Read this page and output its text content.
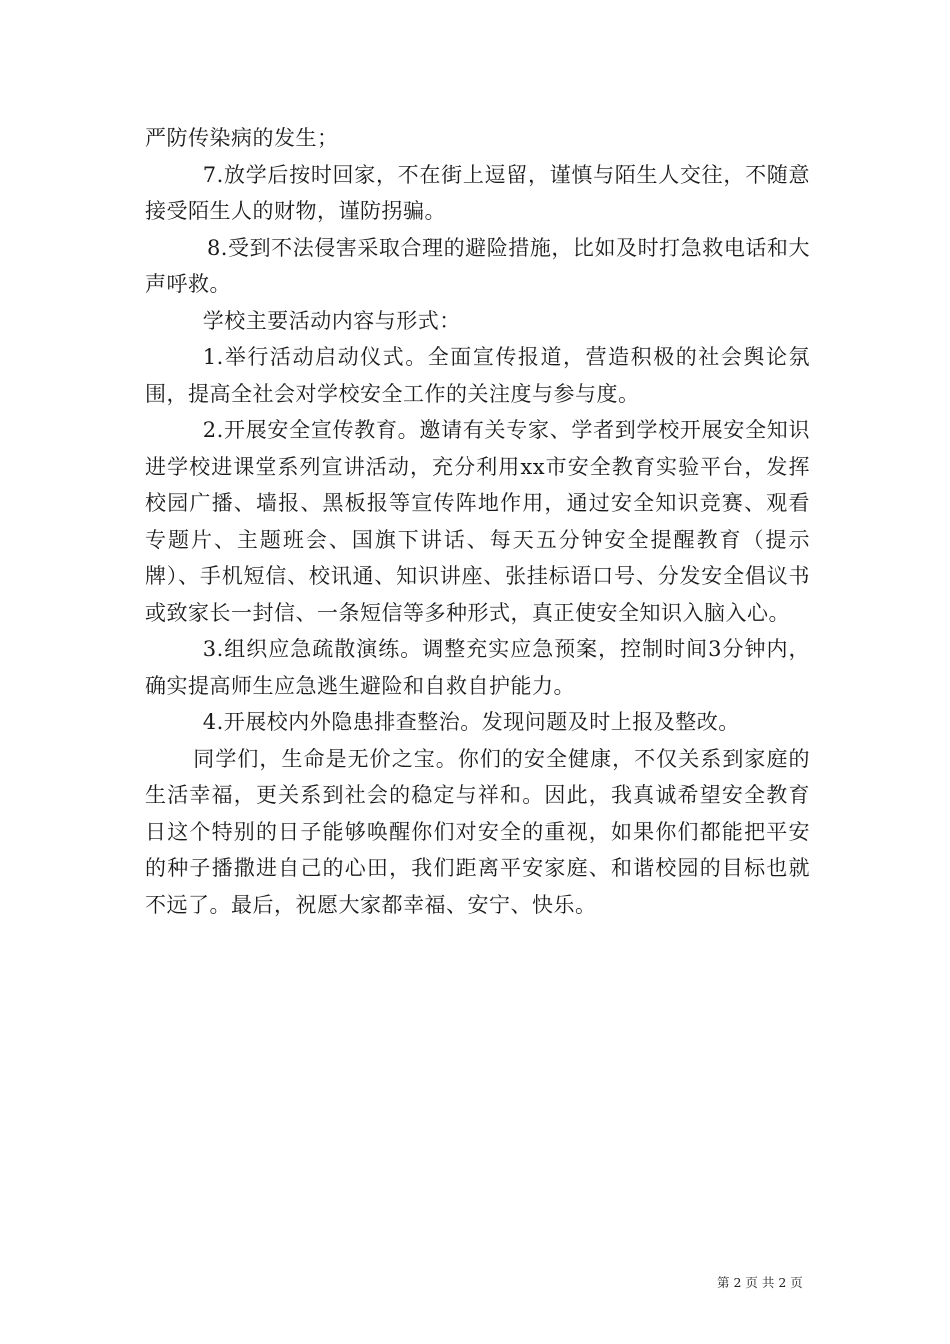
严防传染病的发生；

7.放学后按时回家，不在街上逗留，谨慎与陌生人交往，不随意接受陌生人的财物，谨防拐骗。

8.受到不法侵害采取合理的避险措施，比如及时打急救电话和大声呼救。

学校主要活动内容与形式：

1.举行活动启动仪式。全面宣传报道，营造积极的社会舆论氛围，提高全社会对学校安全工作的关注度与参与度。

2.开展安全宣传教育。邀请有关专家、学者到学校开展安全知识进学校进课堂系列宣讲活动，充分利用xx市安全教育实验平台，发挥校园广播、墙报、黑板报等宣传阵地作用，通过安全知识竞赛、观看专题片、主题班会、国旗下讲话、每天五分钟安全提醒教育（提示牌）、手机短信、校讯通、知识讲座、张挂标语口号、分发安全倡议书或致家长一封信、一条短信等多种形式，真正使安全知识入脑入心。

3.组织应急疏散演练。调整充实应急预案，控制时间3分钟内，确实提高师生应急逃生避险和自救自护能力。

4.开展校内外隐患排查整治。发现问题及时上报及整改。

同学们，生命是无价之宝。你们的安全健康，不仅关系到家庭的生活幸福，更关系到社会的稳定与祥和。因此，我真诚希望安全教育日这个特别的日子能够唤醒你们对安全的重视，如果你们都能把平安的种子播撒进自己的心田，我们距离平安家庭、和谐校园的目标也就不远了。最后，祝愿大家都幸福、安宁、快乐。

第 2 页 共 2 页
